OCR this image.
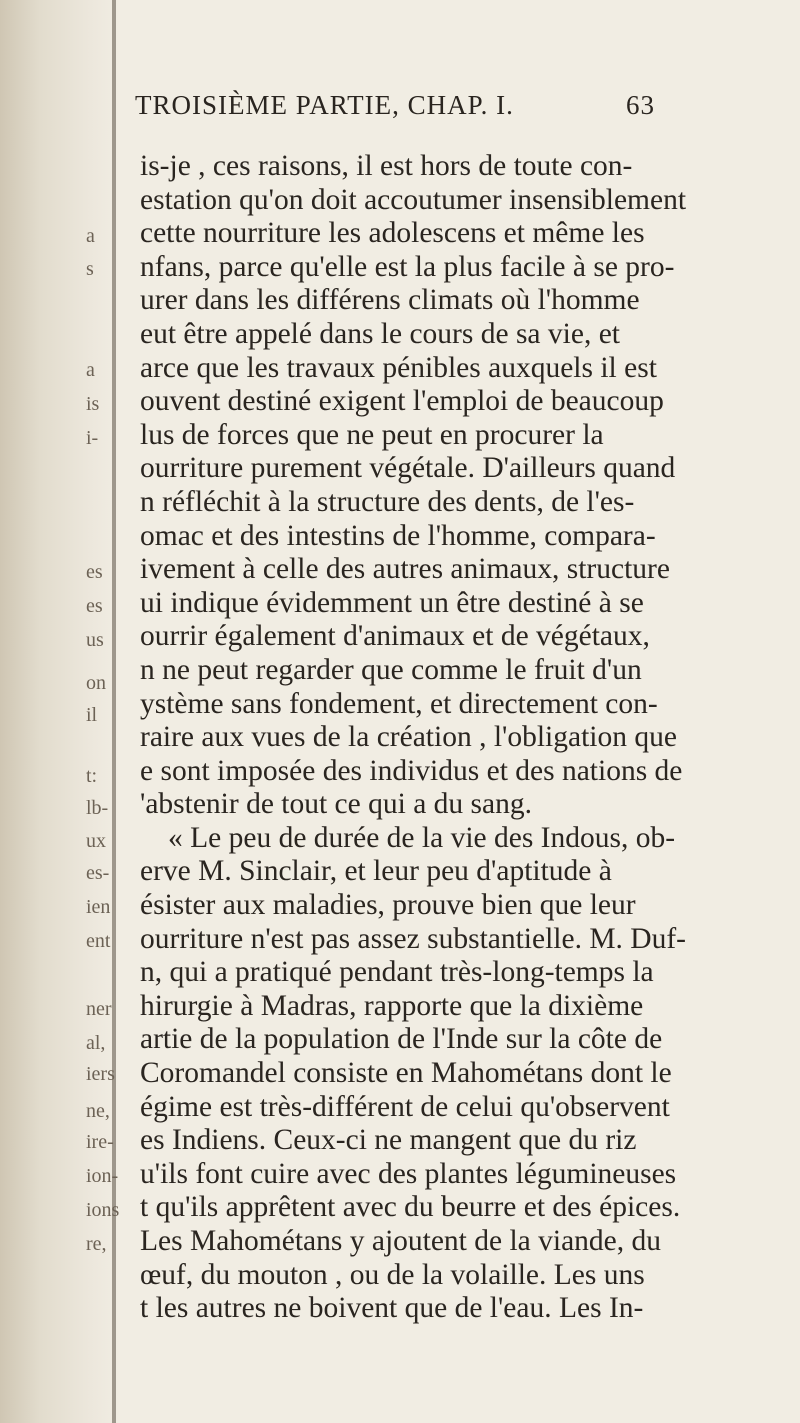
TROISIÈME PARTIE, CHAP. I.	63
is-je , ces raisons, il est hors de toute con-
estation qu'on doit accoutumer insensiblement
cette nourriture les adolescens et même les
nfans, parce qu'elle est la plus facile à se pro-
urer dans les différens climats où l'homme
eut être appelé dans le cours de sa vie, et
arce que les travaux pénibles auxquels il est
ouvent destiné exigent l'emploi de beaucoup
lus de forces que ne peut en procurer la
ourriture purement végétale. D'ailleurs quand
n réfléchit à la structure des dents, de l'es-
omac et des intestins de l'homme, compara-
ivement à celle des autres animaux, structure
ui indique évidemment un être destiné à se
ourrir également d'animaux et de végétaux,
n ne peut regarder que comme le fruit d'un
ystème sans fondement, et directement con-
raire aux vues de la création , l'obligation que
e sont imposée des individus et des nations de
'abstenir de tout ce qui a du sang.
« Le peu de durée de la vie des Indous, ob-
erve M. Sinclair, et leur peu d'aptitude à
ésister aux maladies, prouve bien que leur
ourriture n'est pas assez substantielle. M. Duf-
n, qui a pratiqué pendant très-long-temps la
hirurgie à Madras, rapporte que la dixième
artie de la population de l'Inde sur la côte de
Coromandel consiste en Mahométans dont le
égime est très-différent de celui qu'observent
es Indiens. Ceux-ci ne mangent que du riz
u'ils font cuire avec des plantes légumineuses
t qu'ils apprêtent avec du beurre et des épices.
Les Mahométans y ajoutent de la viande, du
œuf, du mouton , ou de la volaille. Les uns
t les autres ne boivent que de l'eau. Les In-
a
s
a
is
i-
es
es
us
on
il
t:
lb-
ux
es-
ien
ent
ner
al,
iers
ne,
ire-
ion-
ions
re,
